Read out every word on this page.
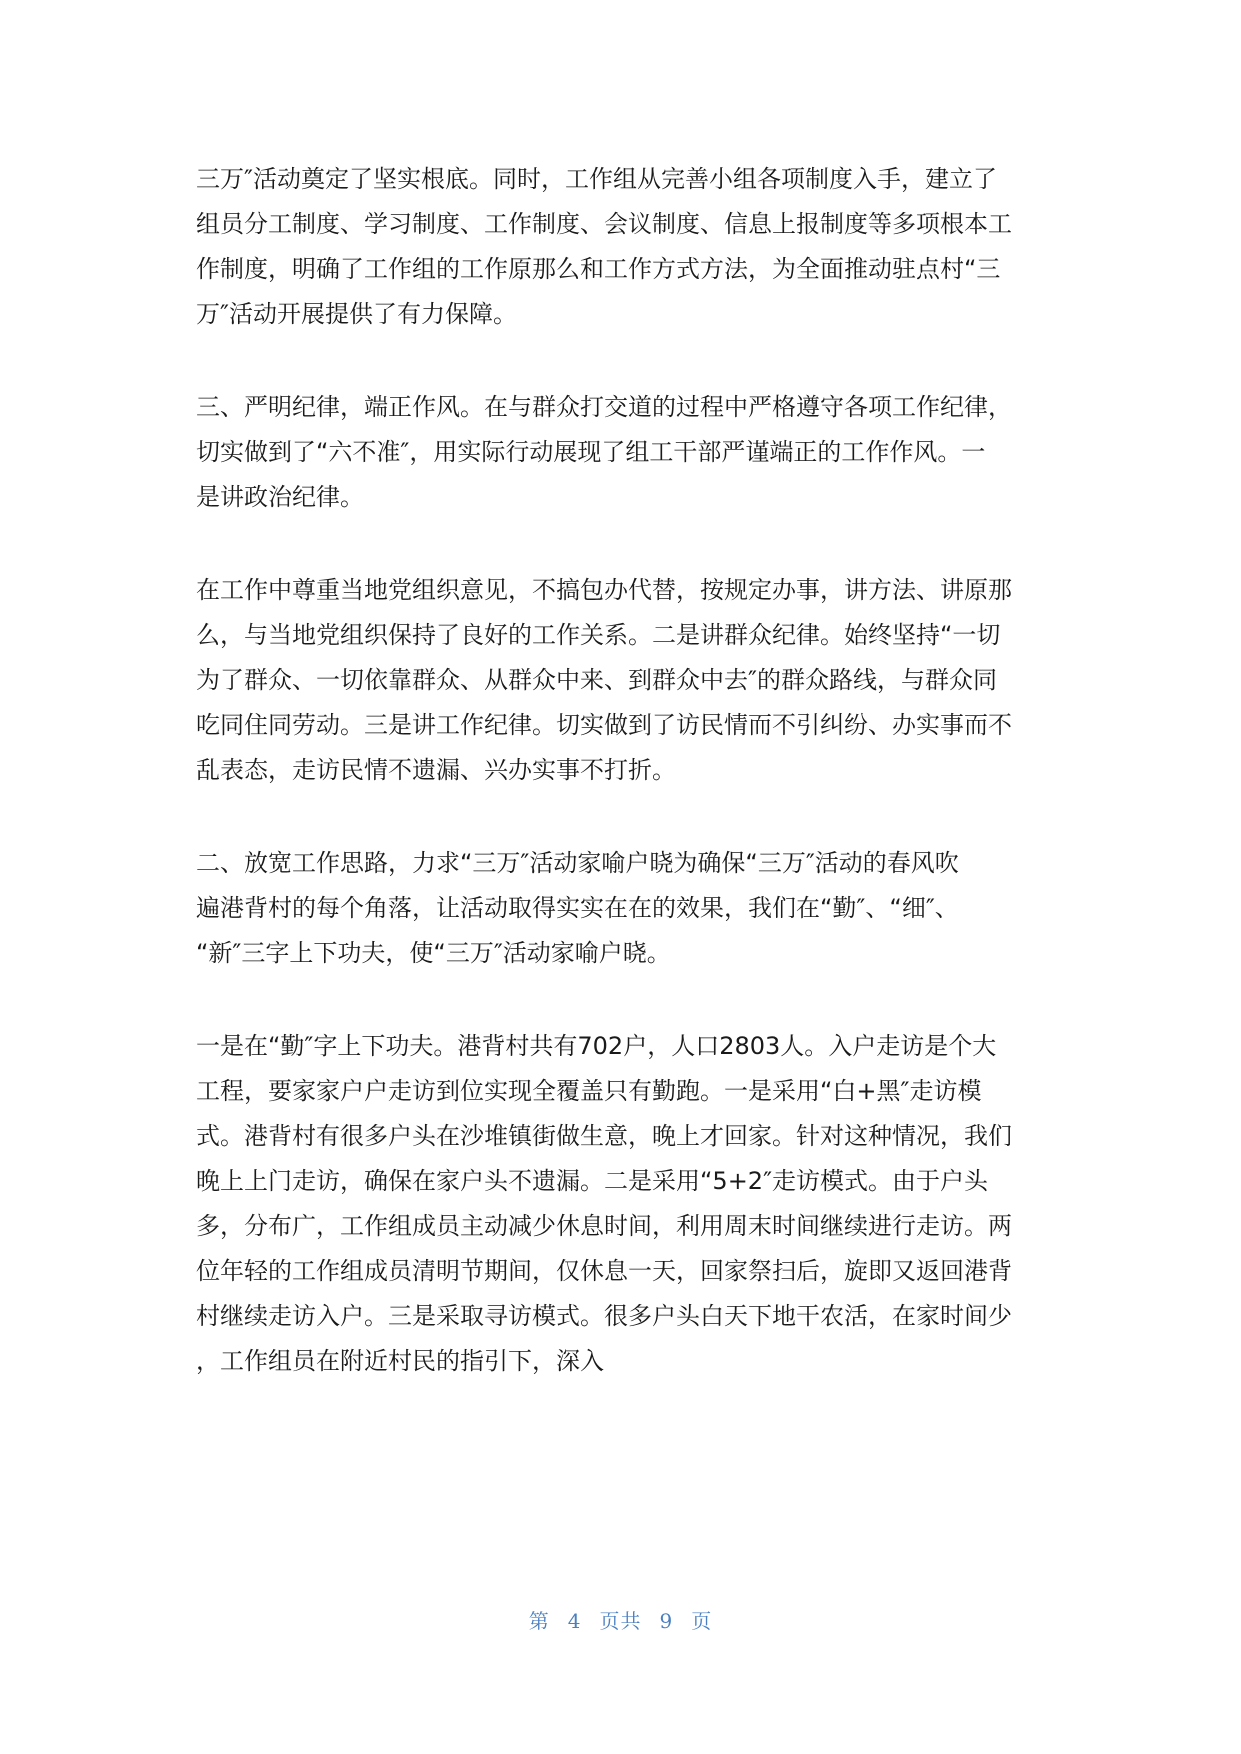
三万″活动奠定了坚实根底。同时，工作组从完善小组各项制度入手，建立了
组员分工制度、学习制度、工作制度、会议制度、信息上报制度等多项根本工
作制度，明确了工作组的工作原那么和工作方式方法，为全面推动驻点村“三
万″活动开展提供了有力保障。
三、严明纪律，端正作风。在与群众打交道的过程中严格遵守各项工作纪律，
切实做到了“六不准″，用实际行动展现了组工干部严谨端正的工作作风。一
是讲政治纪律。
在工作中尊重当地党组织意见，不搞包办代替，按规定办事，讲方法、讲原那
么，与当地党组织保持了良好的工作关系。二是讲群众纪律。始终坚持“一切
为了群众、一切依靠群众、从群众中来、到群众中去″的群众路线，与群众同
吃同住同劳动。三是讲工作纪律。切实做到了访民情而不引纠纷、办实事而不
乱表态，走访民情不遗漏、兴办实事不打折。
二、放宽工作思路，力求“三万″活动家喻户晓为确保“三万″活动的春风吹
遍港背村的每个角落，让活动取得实实在在的效果，我们在“勤″、“细″、
“新″三字上下功夫，使“三万″活动家喻户晓。
一是在“勤″字上下功夫。港背村共有702户，人口2803人。入户走访是个大
工程，要家家户户走访到位实现全覆盖只有勤跑。一是采用“白+黑″走访模
式。港背村有很多户头在沙堆镇街做生意，晚上才回家。针对这种情况，我们
晚上上门走访，确保在家户头不遗漏。二是采用“5+2″走访模式。由于户头
多，分布广，工作组成员主动减少休息时间，利用周末时间继续进行走访。两
位年轻的工作组成员清明节期间，仅休息一天，回家祭扫后，旋即又返回港背
村继续走访入户。三是采取寻访模式。很多户头白天下地干农活，在家时间少
，工作组员在附近村民的指引下，深入
第 4 页共 9 页
